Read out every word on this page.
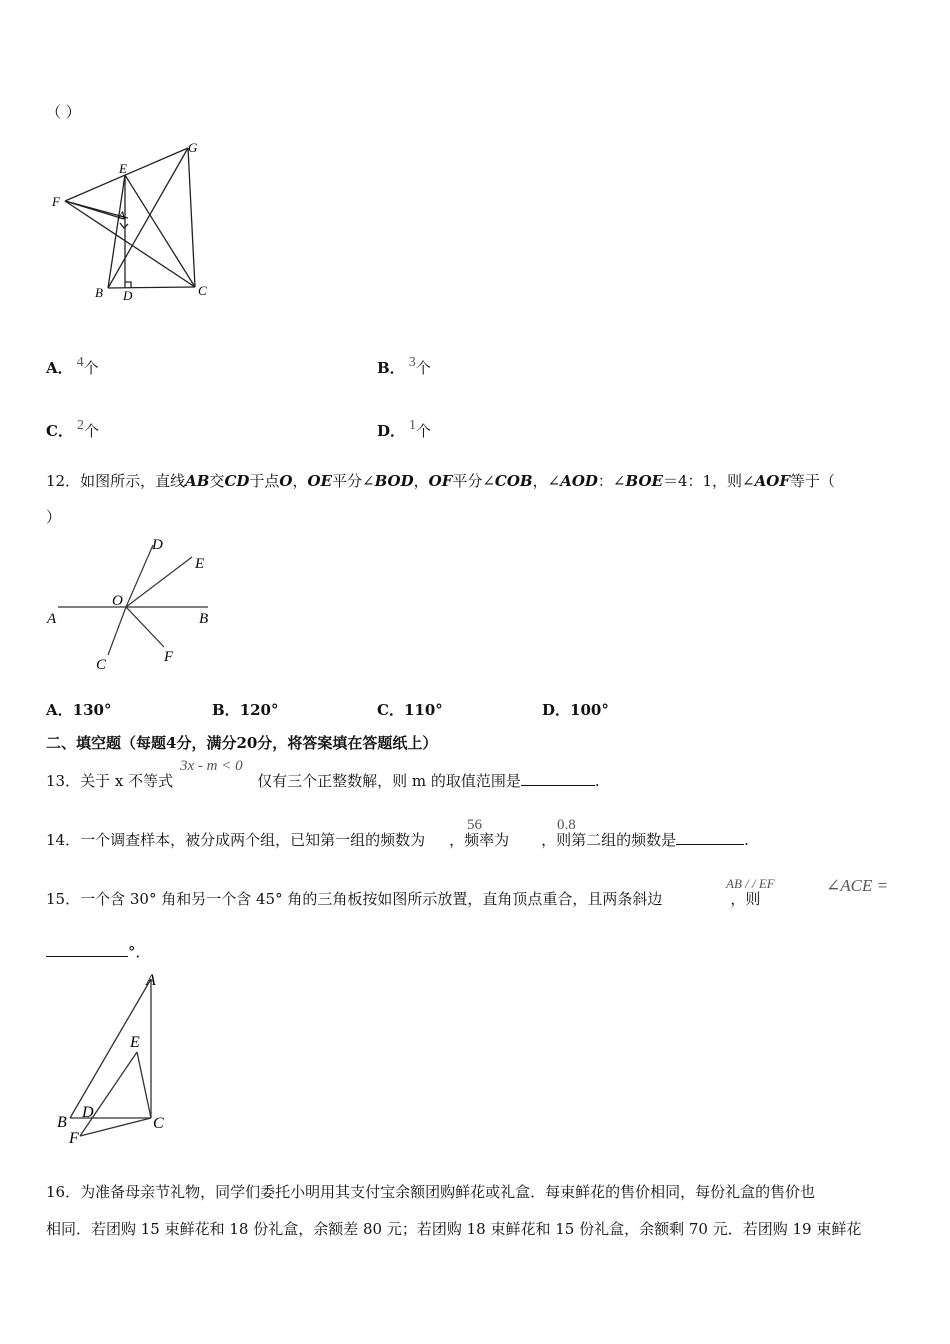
（ ）
G
E
F
A
B D	C
A． 4个	B． 3个
C． 2个	D． 1个
12．如图所示，直线AB交CD于点O，OE平分∠BOD，OF平分∠COB，∠AOD：∠BOE＝4：1，则∠AOF等于（
）
D
E
O
A	B
C	F
A．130°	B．120°	C．110°	D．100°
二、填空题（每题4分，满分20分，将答案填在答题纸上）
13．关于 x 不等式	仅有三个正整数解，则 m 的取值范围是	.
3x - m < 0
14．一个调查样本，被分成两个组，已知第一组的频数为 ，频率为 ，则第二组的频数是	.
56	0.8
15．一个含 30° 角和另一个含 45° 角的三角板按如图所示放置，直角顶点重合，且两条斜边	，则
AB / / EF	∠ACE =
°．
A
E
B
D
F
C
16．为准备母亲节礼物，同学们委托小明用其支付宝余额团购鲜花或礼盒．每束鲜花的售价相同，每份礼盒的售价也
相同．若团购 15 束鲜花和 18 份礼盒，余额差 80 元；若团购 18 束鲜花和 15 份礼盒，余额剩 70 元．若团购 19 束鲜花
